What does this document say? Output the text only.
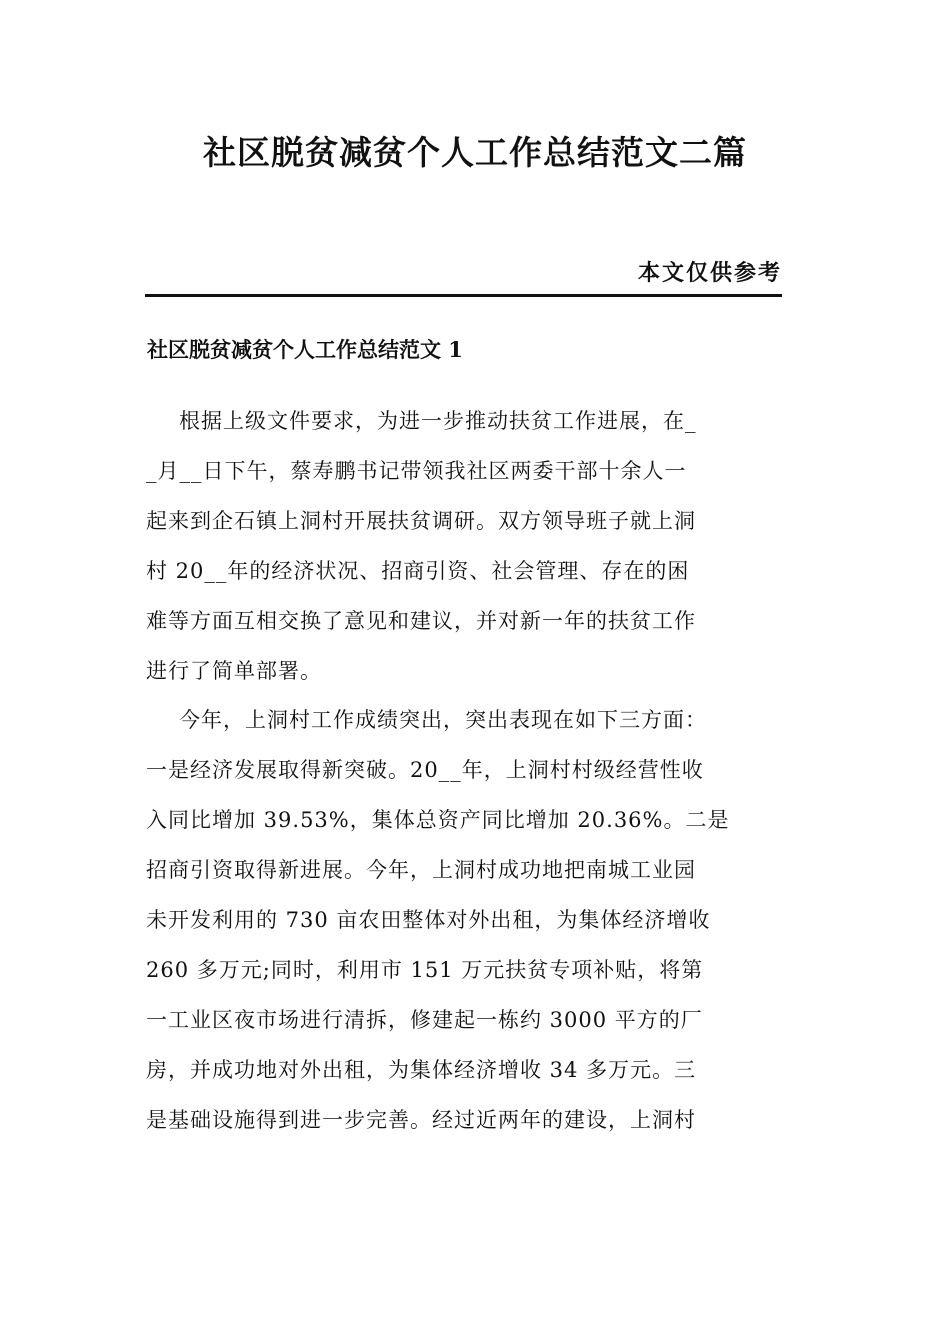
社区脱贫减贫个人工作总结范文二篇
本文仅供参考
社区脱贫减贫个人工作总结范文 1
根据上级文件要求，为进一步推动扶贫工作进展，在_
_月__日下午，蔡寿鹏书记带领我社区两委干部十余人一
起来到企石镇上洞村开展扶贫调研。双方领导班子就上洞
村 20__年的经济状况、招商引资、社会管理、存在的困
难等方面互相交换了意见和建议，并对新一年的扶贫工作
进行了简单部署。
今年，上洞村工作成绩突出，突出表现在如下三方面：
一是经济发展取得新突破。20__年，上洞村村级经营性收
入同比增加 39.53%，集体总资产同比增加 20.36%。二是
招商引资取得新进展。今年，上洞村成功地把南城工业园
未开发利用的 730 亩农田整体对外出租，为集体经济增收
260 多万元;同时，利用市 151 万元扶贫专项补贴，将第
一工业区夜市场进行清拆，修建起一栋约 3000 平方的厂
房，并成功地对外出租，为集体经济增收 34 多万元。三
是基础设施得到进一步完善。经过近两年的建设，上洞村
